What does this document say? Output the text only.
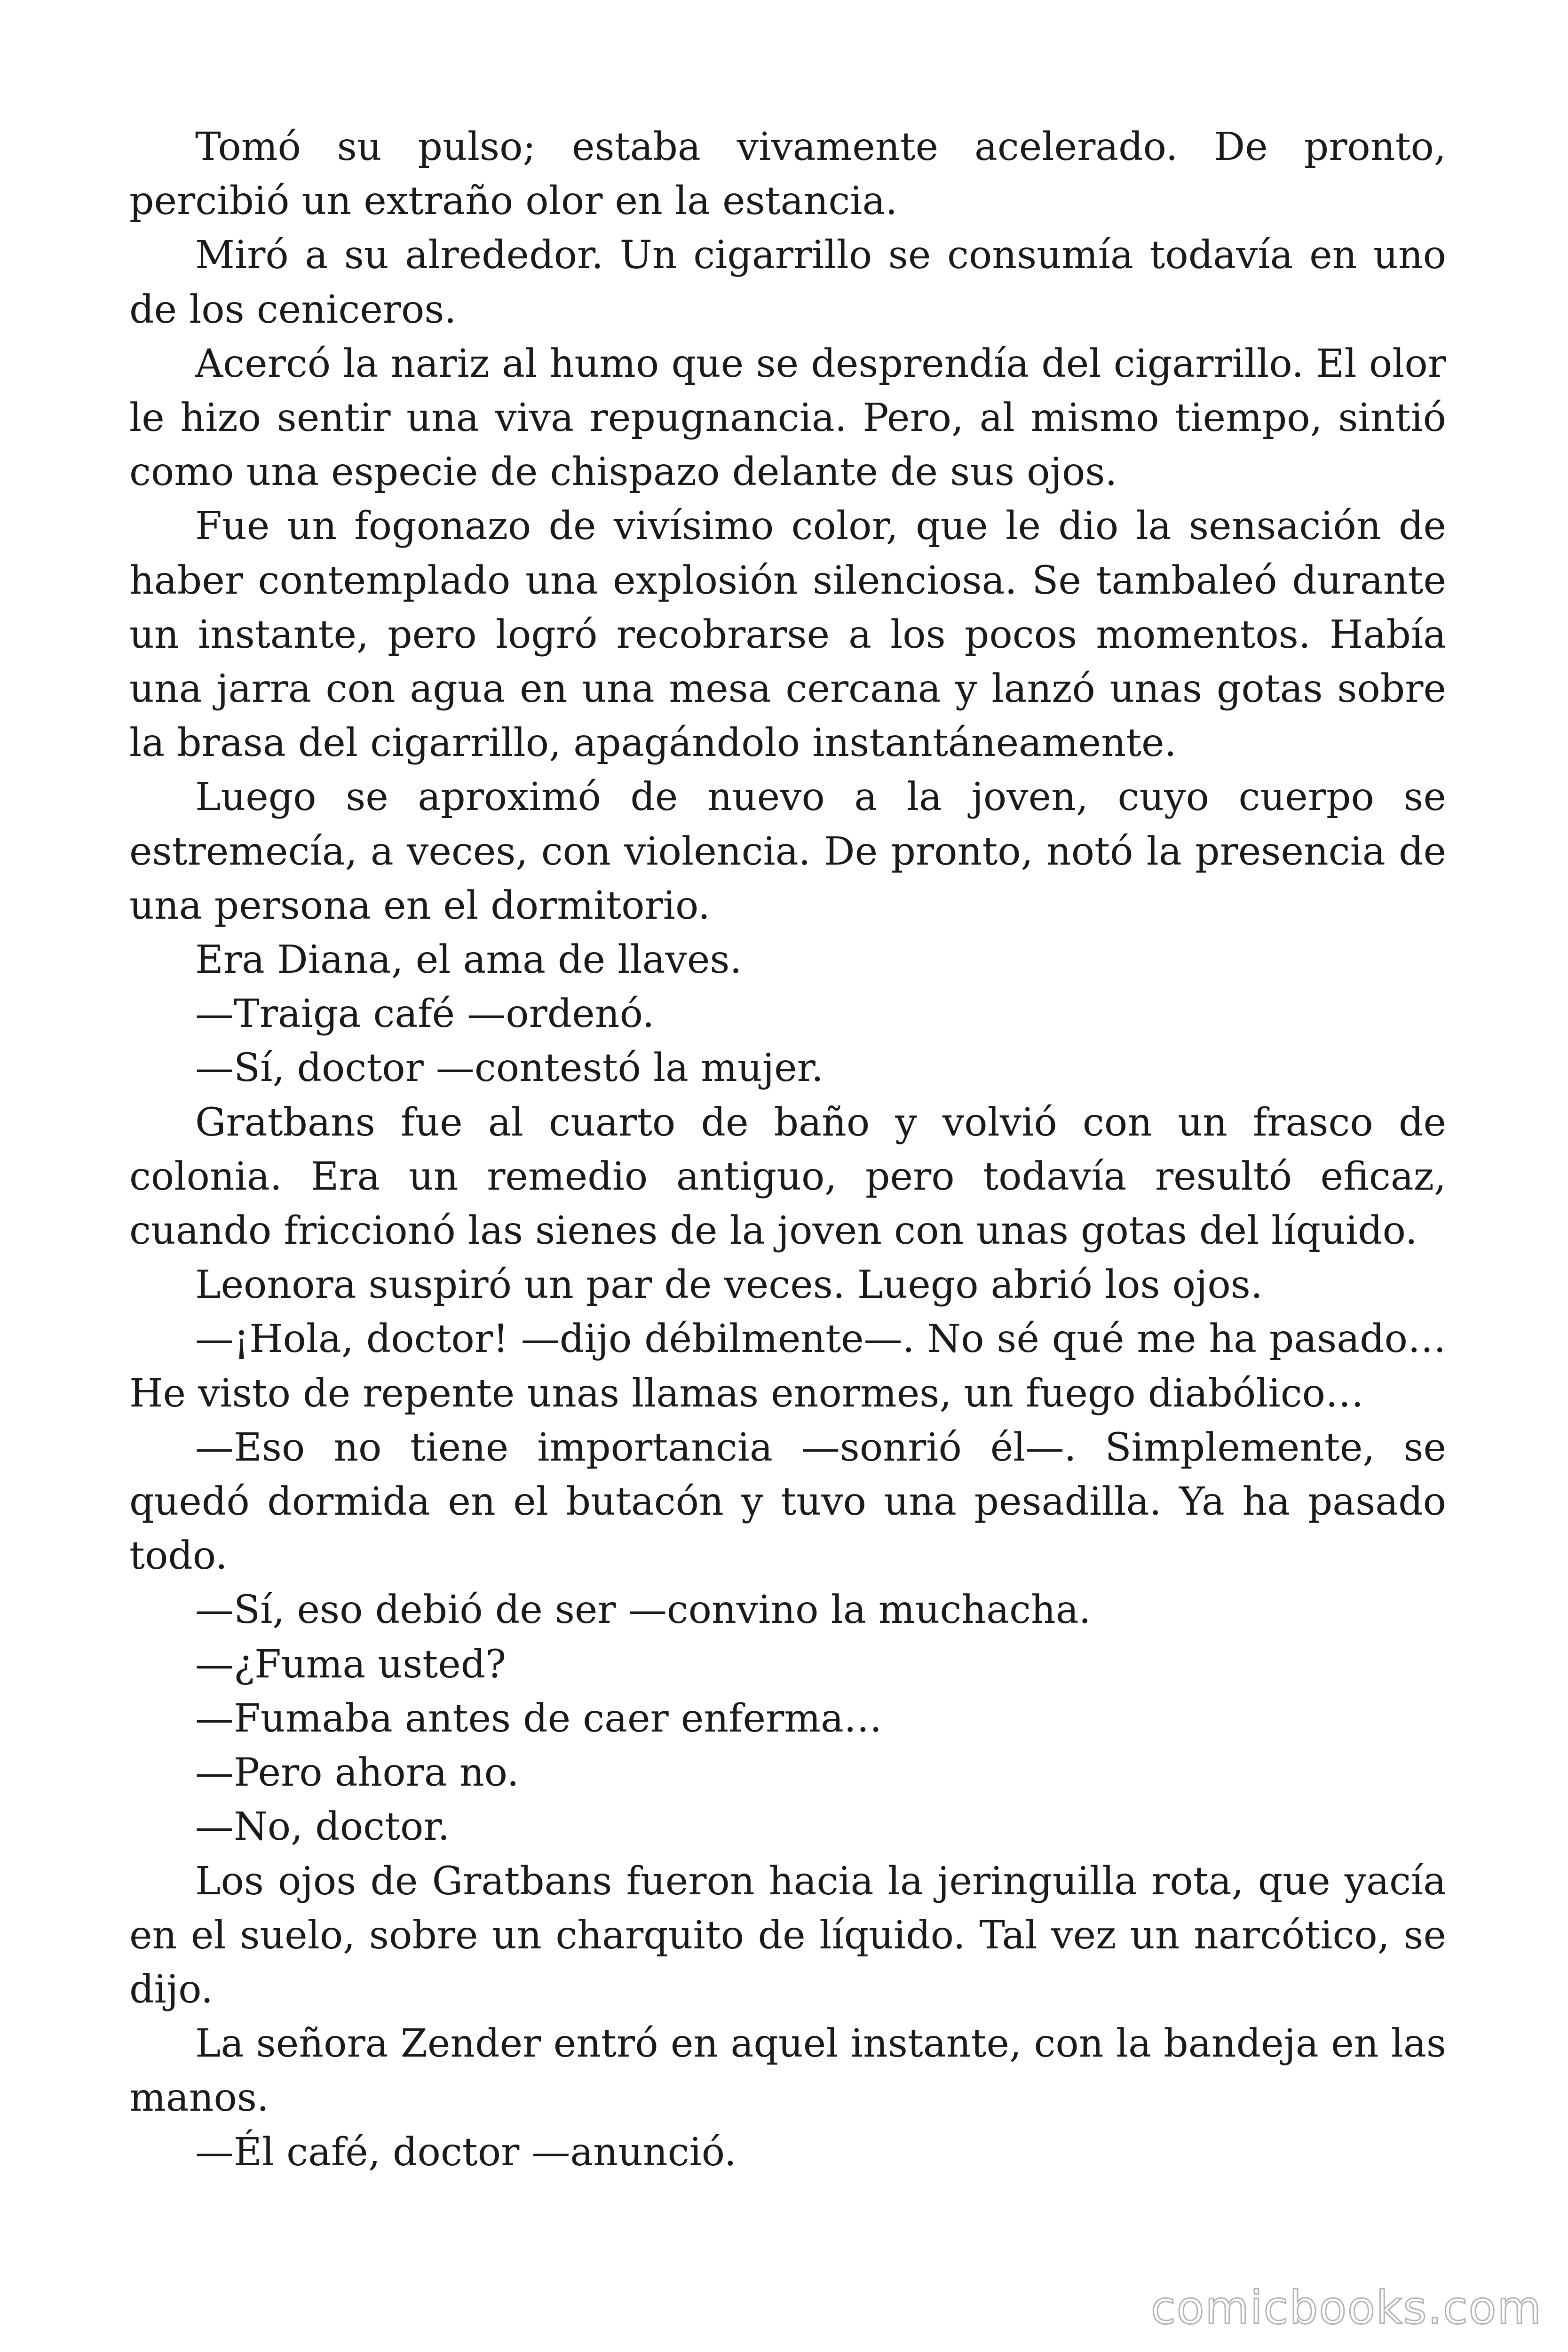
Tomó su pulso; estaba vivamente acelerado. De pronto, percibió un extraño olor en la estancia.

Miró a su alrededor. Un cigarrillo se consumía todavía en uno de los ceniceros.

Acercó la nariz al humo que se desprendía del cigarrillo. El olor le hizo sentir una viva repugnancia. Pero, al mismo tiempo, sintió como una especie de chispazo delante de sus ojos.

Fue un fogonazo de vivísimo color, que le dio la sensación de haber contemplado una explosión silenciosa. Se tambaleó durante un instante, pero logró recobrarse a los pocos momentos. Había una jarra con agua en una mesa cercana y lanzó unas gotas sobre la brasa del cigarrillo, apagándolo instantáneamente.

Luego se aproximó de nuevo a la joven, cuyo cuerpo se estremecía, a veces, con violencia. De pronto, notó la presencia de una persona en el dormitorio.

Era Diana, el ama de llaves.

—Traiga café —ordenó.

—Sí, doctor —contestó la mujer.

Gratbans fue al cuarto de baño y volvió con un frasco de colonia. Era un remedio antiguo, pero todavía resultó eficaz, cuando friccionó las sienes de la joven con unas gotas del líquido.

Leonora suspiró un par de veces. Luego abrió los ojos.

—¡Hola, doctor! —dijo débilmente—. No sé qué me ha pasado… He visto de repente unas llamas enormes, un fuego diabólico…

—Eso no tiene importancia —sonrió él—. Simplemente, se quedó dormida en el butacón y tuvo una pesadilla. Ya ha pasado todo.

—Sí, eso debió de ser —convino la muchacha.

—¿Fuma usted?

—Fumaba antes de caer enferma…

—Pero ahora no.

—No, doctor.

Los ojos de Gratbans fueron hacia la jeringuilla rota, que yacía en el suelo, sobre un charquito de líquido. Tal vez un narcótico, se dijo.

La señora Zender entró en aquel instante, con la bandeja en las manos.

—Él café, doctor —anunció.

comicbooks.com
